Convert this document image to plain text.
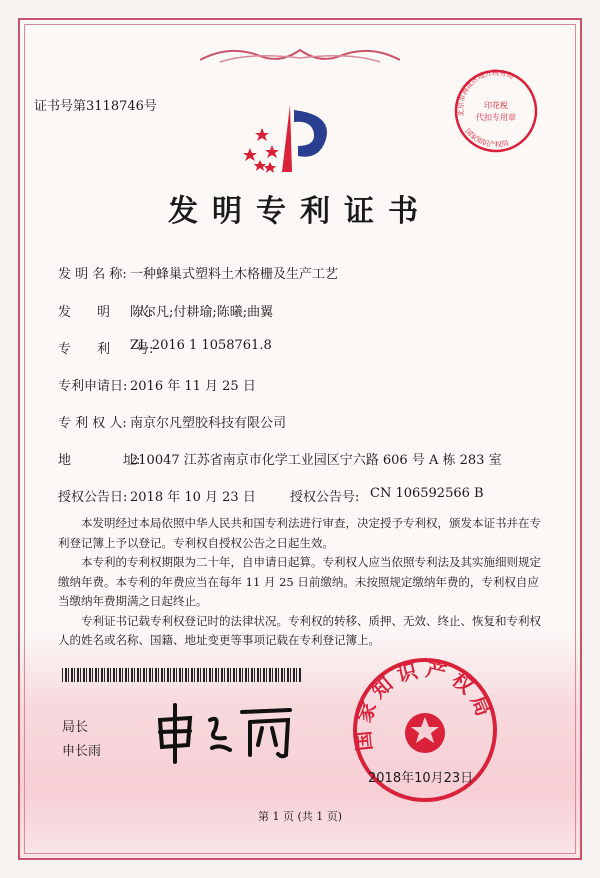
证书号第3118746号
发明专利证书
发 明 名 称: 一种蜂巢式塑料土木格栅及生产工艺
发　　明　　人:
陈尔凡;付耕瑜;陈曦;曲翼
专　　利　　号:
ZL 2016 1 1058761.8
专利申请日: 2016 年 11 月 25 日
专 利 权 人: 南京尔凡塑胶科技有限公司
地　　　　址:
210047 江苏省南京市化学工业园区宁六路 606 号 A 栋 283 室
授权公告日: 2018 年 10 月 23 日	授权公告号: CN 106592566 B

本发明经过本局依照中华人民共和国专利法进行审查，决定授予专利权，颁发本证书并在专利登记簿上予以登记。专利权自授权公告之日起生效。

本专利的专利权期限为二十年，自申请日起算。专利权人应当依照专利法及其实施细则规定缴纳年费。本专利的年费应当在每年 11 月 25 日前缴纳。未按照规定缴纳年费的，专利权自应当缴纳年费期满之日起终止。

专利证书记载专利权登记时的法律状况。专利权的转移、质押、无效、终止、恢复和专利权人的姓名或名称、国籍、地址变更等事项记载在专利登记簿上。

局长
申长雨
北京市海淀区地方税务局
印花税
代扣专用章
国家知识产权局
国家知识产权局
2018年10月23日
第 1 页 (共 1 页)
